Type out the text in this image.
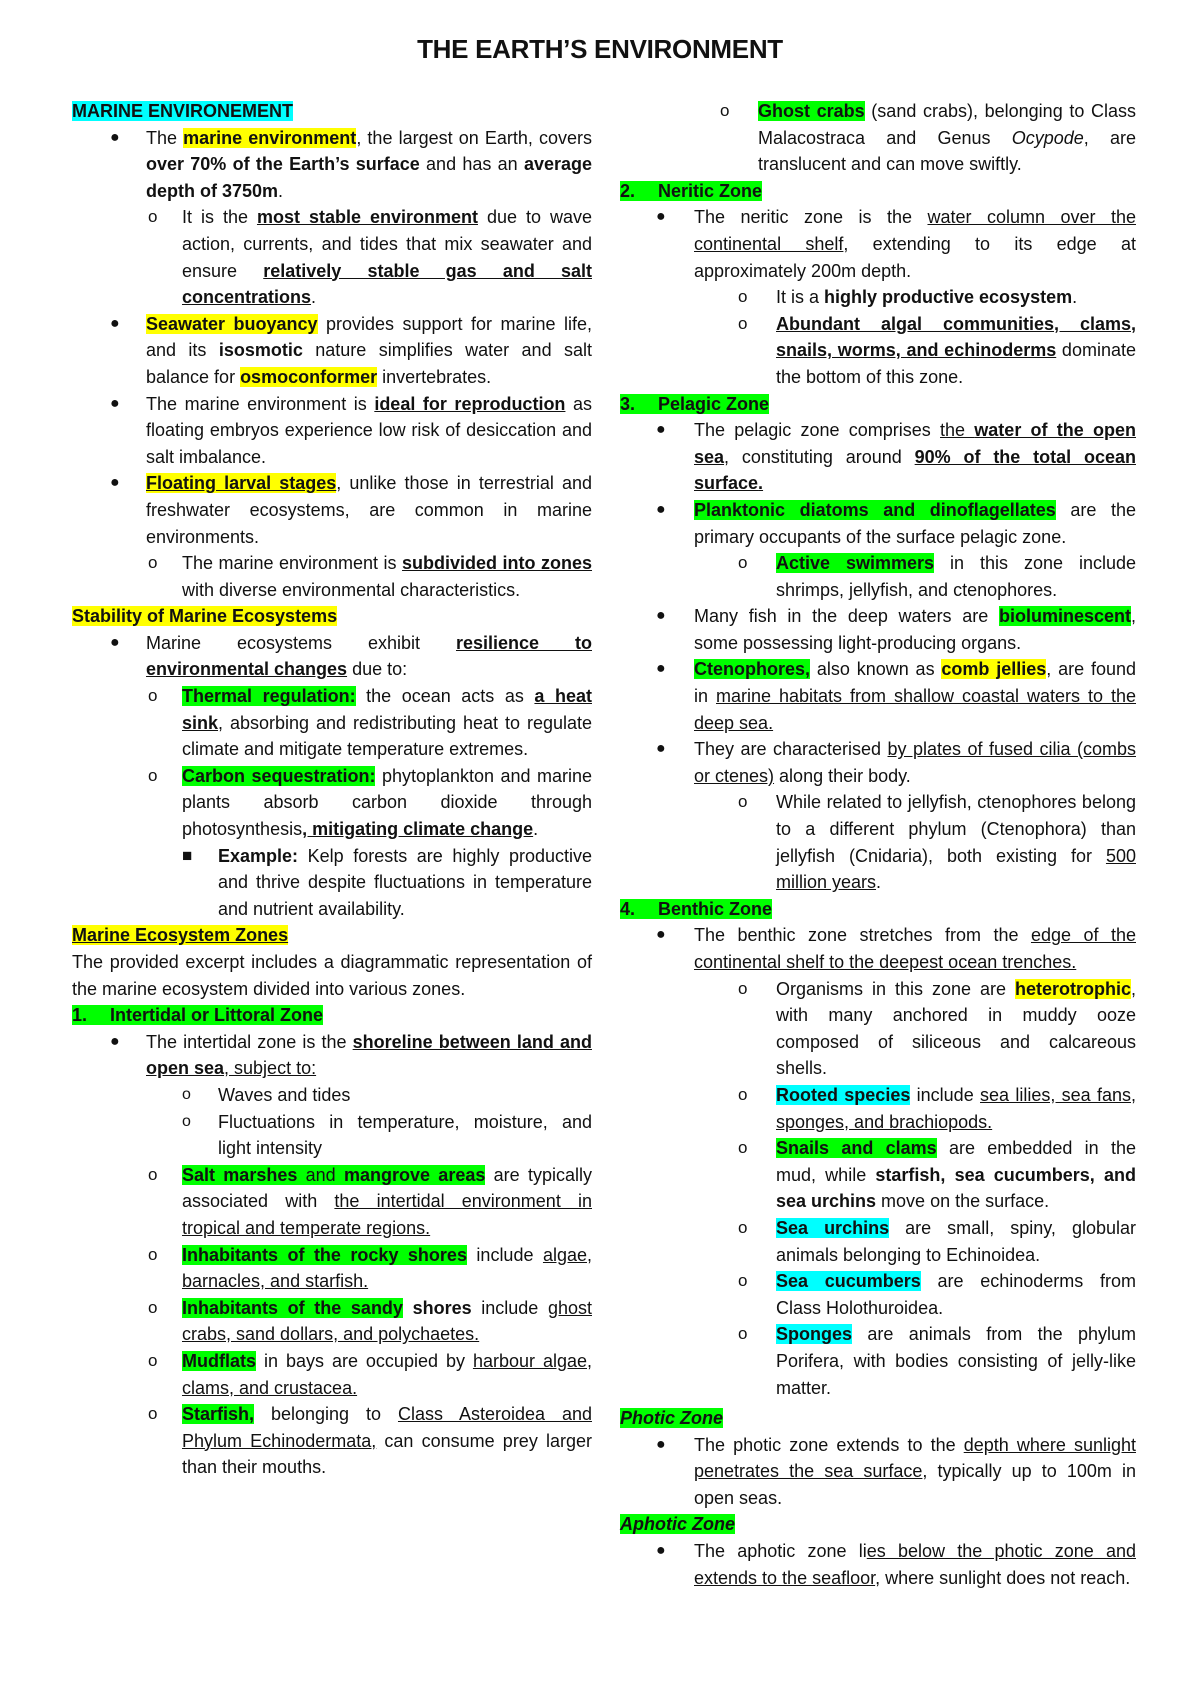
THE EARTH’S ENVIRONMENT
MARINE ENVIRONEMENT
● The marine environment, the largest on Earth, covers over 70% of the Earth’s surface and has an average depth of 3750m.
o It is the most stable environment due to wave action, currents, and tides that mix seawater and ensure relatively stable gas and salt concentrations.
● Seawater buoyancy provides support for marine life, and its isosmotic nature simplifies water and salt balance for osmoconformer invertebrates.
● The marine environment is ideal for reproduction as floating embryos experience low risk of desiccation and salt imbalance.
● Floating larval stages, unlike those in terrestrial and freshwater ecosystems, are common in marine environments.
o The marine environment is subdivided into zones with diverse environmental characteristics.
Stability of Marine Ecosystems
● Marine ecosystems exhibit resilience to environmental changes due to:
o Thermal regulation: the ocean acts as a heat sink, absorbing and redistributing heat to regulate climate and mitigate temperature extremes.
o Carbon sequestration: phytoplankton and marine plants absorb carbon dioxide through photosynthesis, mitigating climate change.
■ Example: Kelp forests are highly productive and thrive despite fluctuations in temperature and nutrient availability.
Marine Ecosystem Zones
The provided excerpt includes a diagrammatic representation of the marine ecosystem divided into various zones.
1. Intertidal or Littoral Zone
● The intertidal zone is the shoreline between land and open sea, subject to:
o Waves and tides
o Fluctuations in temperature, moisture, and light intensity
o Salt marshes and mangrove areas are typically associated with the intertidal environment in tropical and temperate regions.
o Inhabitants of the rocky shores include algae, barnacles, and starfish.
o Inhabitants of the sandy shores include ghost crabs, sand dollars, and polychaetes.
o Mudflats in bays are occupied by harbour algae, clams, and crustacea.
o Starfish, belonging to Class Asteroidea and Phylum Echinodermata, can consume prey larger than their mouths.
o Ghost crabs (sand crabs), belonging to Class Malacostraca and Genus Ocypode, are translucent and can move swiftly.
2. Neritic Zone
● The neritic zone is the water column over the continental shelf, extending to its edge at approximately 200m depth.
o It is a highly productive ecosystem.
o Abundant algal communities, clams, snails, worms, and echinoderms dominate the bottom of this zone.
3. Pelagic Zone
● The pelagic zone comprises the water of the open sea, constituting around 90% of the total ocean surface.
● Planktonic diatoms and dinoflagellates are the primary occupants of the surface pelagic zone.
o Active swimmers in this zone include shrimps, jellyfish, and ctenophores.
● Many fish in the deep waters are bioluminescent, some possessing light-producing organs.
● Ctenophores, also known as comb jellies, are found in marine habitats from shallow coastal waters to the deep sea.
● They are characterised by plates of fused cilia (combs or ctenes) along their body.
o While related to jellyfish, ctenophores belong to a different phylum (Ctenophora) than jellyfish (Cnidaria), both existing for 500 million years.
4. Benthic Zone
● The benthic zone stretches from the edge of the continental shelf to the deepest ocean trenches.
o Organisms in this zone are heterotrophic, with many anchored in muddy ooze composed of siliceous and calcareous shells.
o Rooted species include sea lilies, sea fans, sponges, and brachiopods.
o Snails and clams are embedded in the mud, while starfish, sea cucumbers, and sea urchins move on the surface.
o Sea urchins are small, spiny, globular animals belonging to Echinoidea.
o Sea cucumbers are echinoderms from Class Holothuroidea.
o Sponges are animals from the phylum Porifera, with bodies consisting of jelly-like matter.
Photic Zone
● The photic zone extends to the depth where sunlight penetrates the sea surface, typically up to 100m in open seas.
Aphotic Zone
● The aphotic zone lies below the photic zone and extends to the seafloor, where sunlight does not reach.
